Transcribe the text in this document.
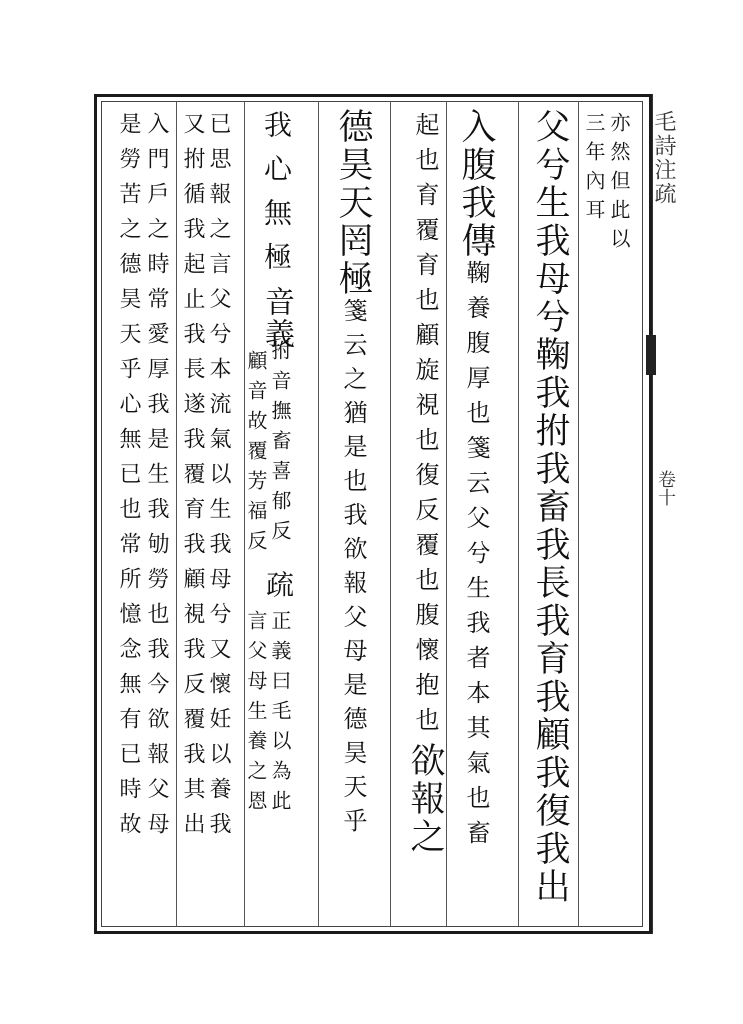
毛詩注疏
卷十
亦然但此以
三年內耳
父兮生我母兮鞠我拊我畜我長我育我顧我復我出
入腹我傳鞠養腹厚也箋云父兮生我者本其氣也畜
起也育覆育也顧旋視也復反覆也腹懷抱也欲報之
德昊天罔極箋云之猶是也我欲報父母是德昊天乎
我心無極音義
拊音撫畜喜郁反
顧音故覆芳福反
疏
正義曰毛以為此
言父母生養之恩
已思報之言父兮本流氣以生我母兮又懷妊以養我
又拊循我起止我長遂我覆育我顧視我反覆我其出
入門戶之時常愛厚我是生我劬勞也我今欲報父母
是勞苦之德昊天乎心無已也常所憶念無有已時故
